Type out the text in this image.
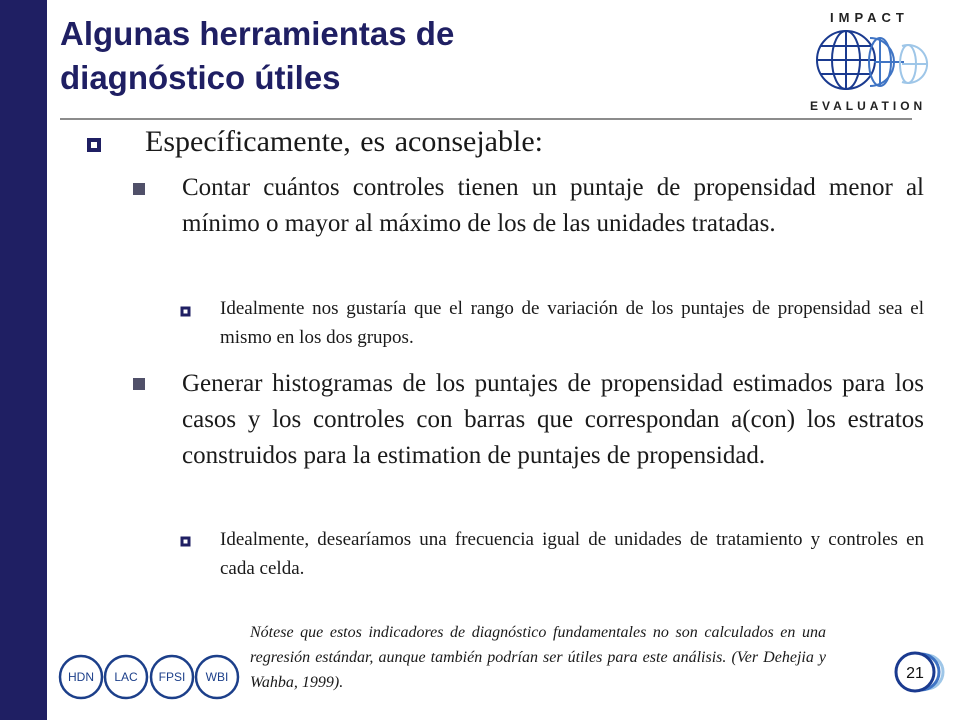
Algunas herramientas de
diagnóstico útiles
IMPACT
EVALUATION
Específicamente, es aconsejable:
Contar cuántos controles tienen un puntaje de propensidad menor al mínimo o mayor al máximo de los de las unidades tratadas.
Idealmente nos gustaría que el rango de variación de los puntajes de propensidad sea el mismo en los dos grupos.
Generar histogramas de los puntajes de propensidad estimados para los casos y los controles con barras que correspondan a(con) los estratos construidos para la estimation de puntajes de propensidad.
Idealmente, desearíamos una frecuencia igual de unidades de tratamiento y controles en cada celda.
Nótese que estos indicadores de diagnóstico fundamentales no son calculados en una regresión estándar, aunque también podrían ser útiles para este análisis. (Ver Dehejia y Wahba, 1999).
HDN LAC FPSI WBI	21
